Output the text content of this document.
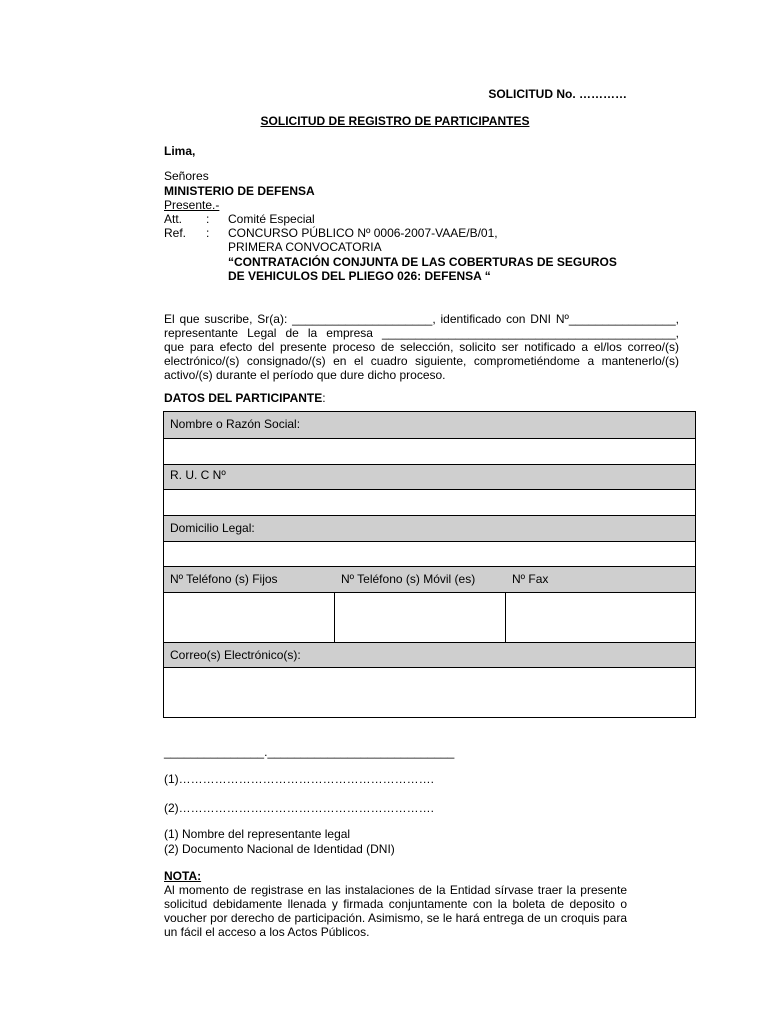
SOLICITUD No. …………
SOLICITUD DE REGISTRO DE PARTICIPANTES
Lima,
Señores
MINISTERIO DE DEFENSA
Presente.-
Att. : Comité Especial
Ref. : CONCURSO PÚBLICO Nº 0006-2007-VAAE/B/01,
PRIMERA CONVOCATORIA
“CONTRATACIÓN CONJUNTA DE LAS COBERTURAS DE SEGUROS
DE VEHICULOS DEL PLIEGO 026: DEFENSA “
El que suscribe, Sr(a): _____________________, identificado con DNI Nº________________,
representante Legal de la empresa ____________________________________________,
que para efecto del presente proceso de selección, solicito ser notificado a el/los correo/(s)
electrónico/(s) consignado/(s) en el cuadro siguiente, comprometiéndome a mantenerlo/(s)
activo/(s) durante el período que dure dicho proceso.
DATOS DEL PARTICIPANTE:
Nombre o Razón Social:
R. U. C Nº
Domicilio Legal:
Nº Teléfono (s) Fijos	Nº Teléfono (s) Móvil (es)	Nº Fax
Correo(s) Electrónico(s):
_______________.____________________________
(1)……………………………………………………….
(2)……………………………………………………….
(1) Nombre del representante legal
(2) Documento Nacional de Identidad (DNI)
NOTA:
Al momento de registrase en las instalaciones de la Entidad sírvase traer la presente
solicitud debidamente llenada y firmada conjuntamente con la boleta de deposito o
voucher por derecho de participación. Asimismo, se le hará entrega de un croquis para
un fácil el acceso a los Actos Públicos.
